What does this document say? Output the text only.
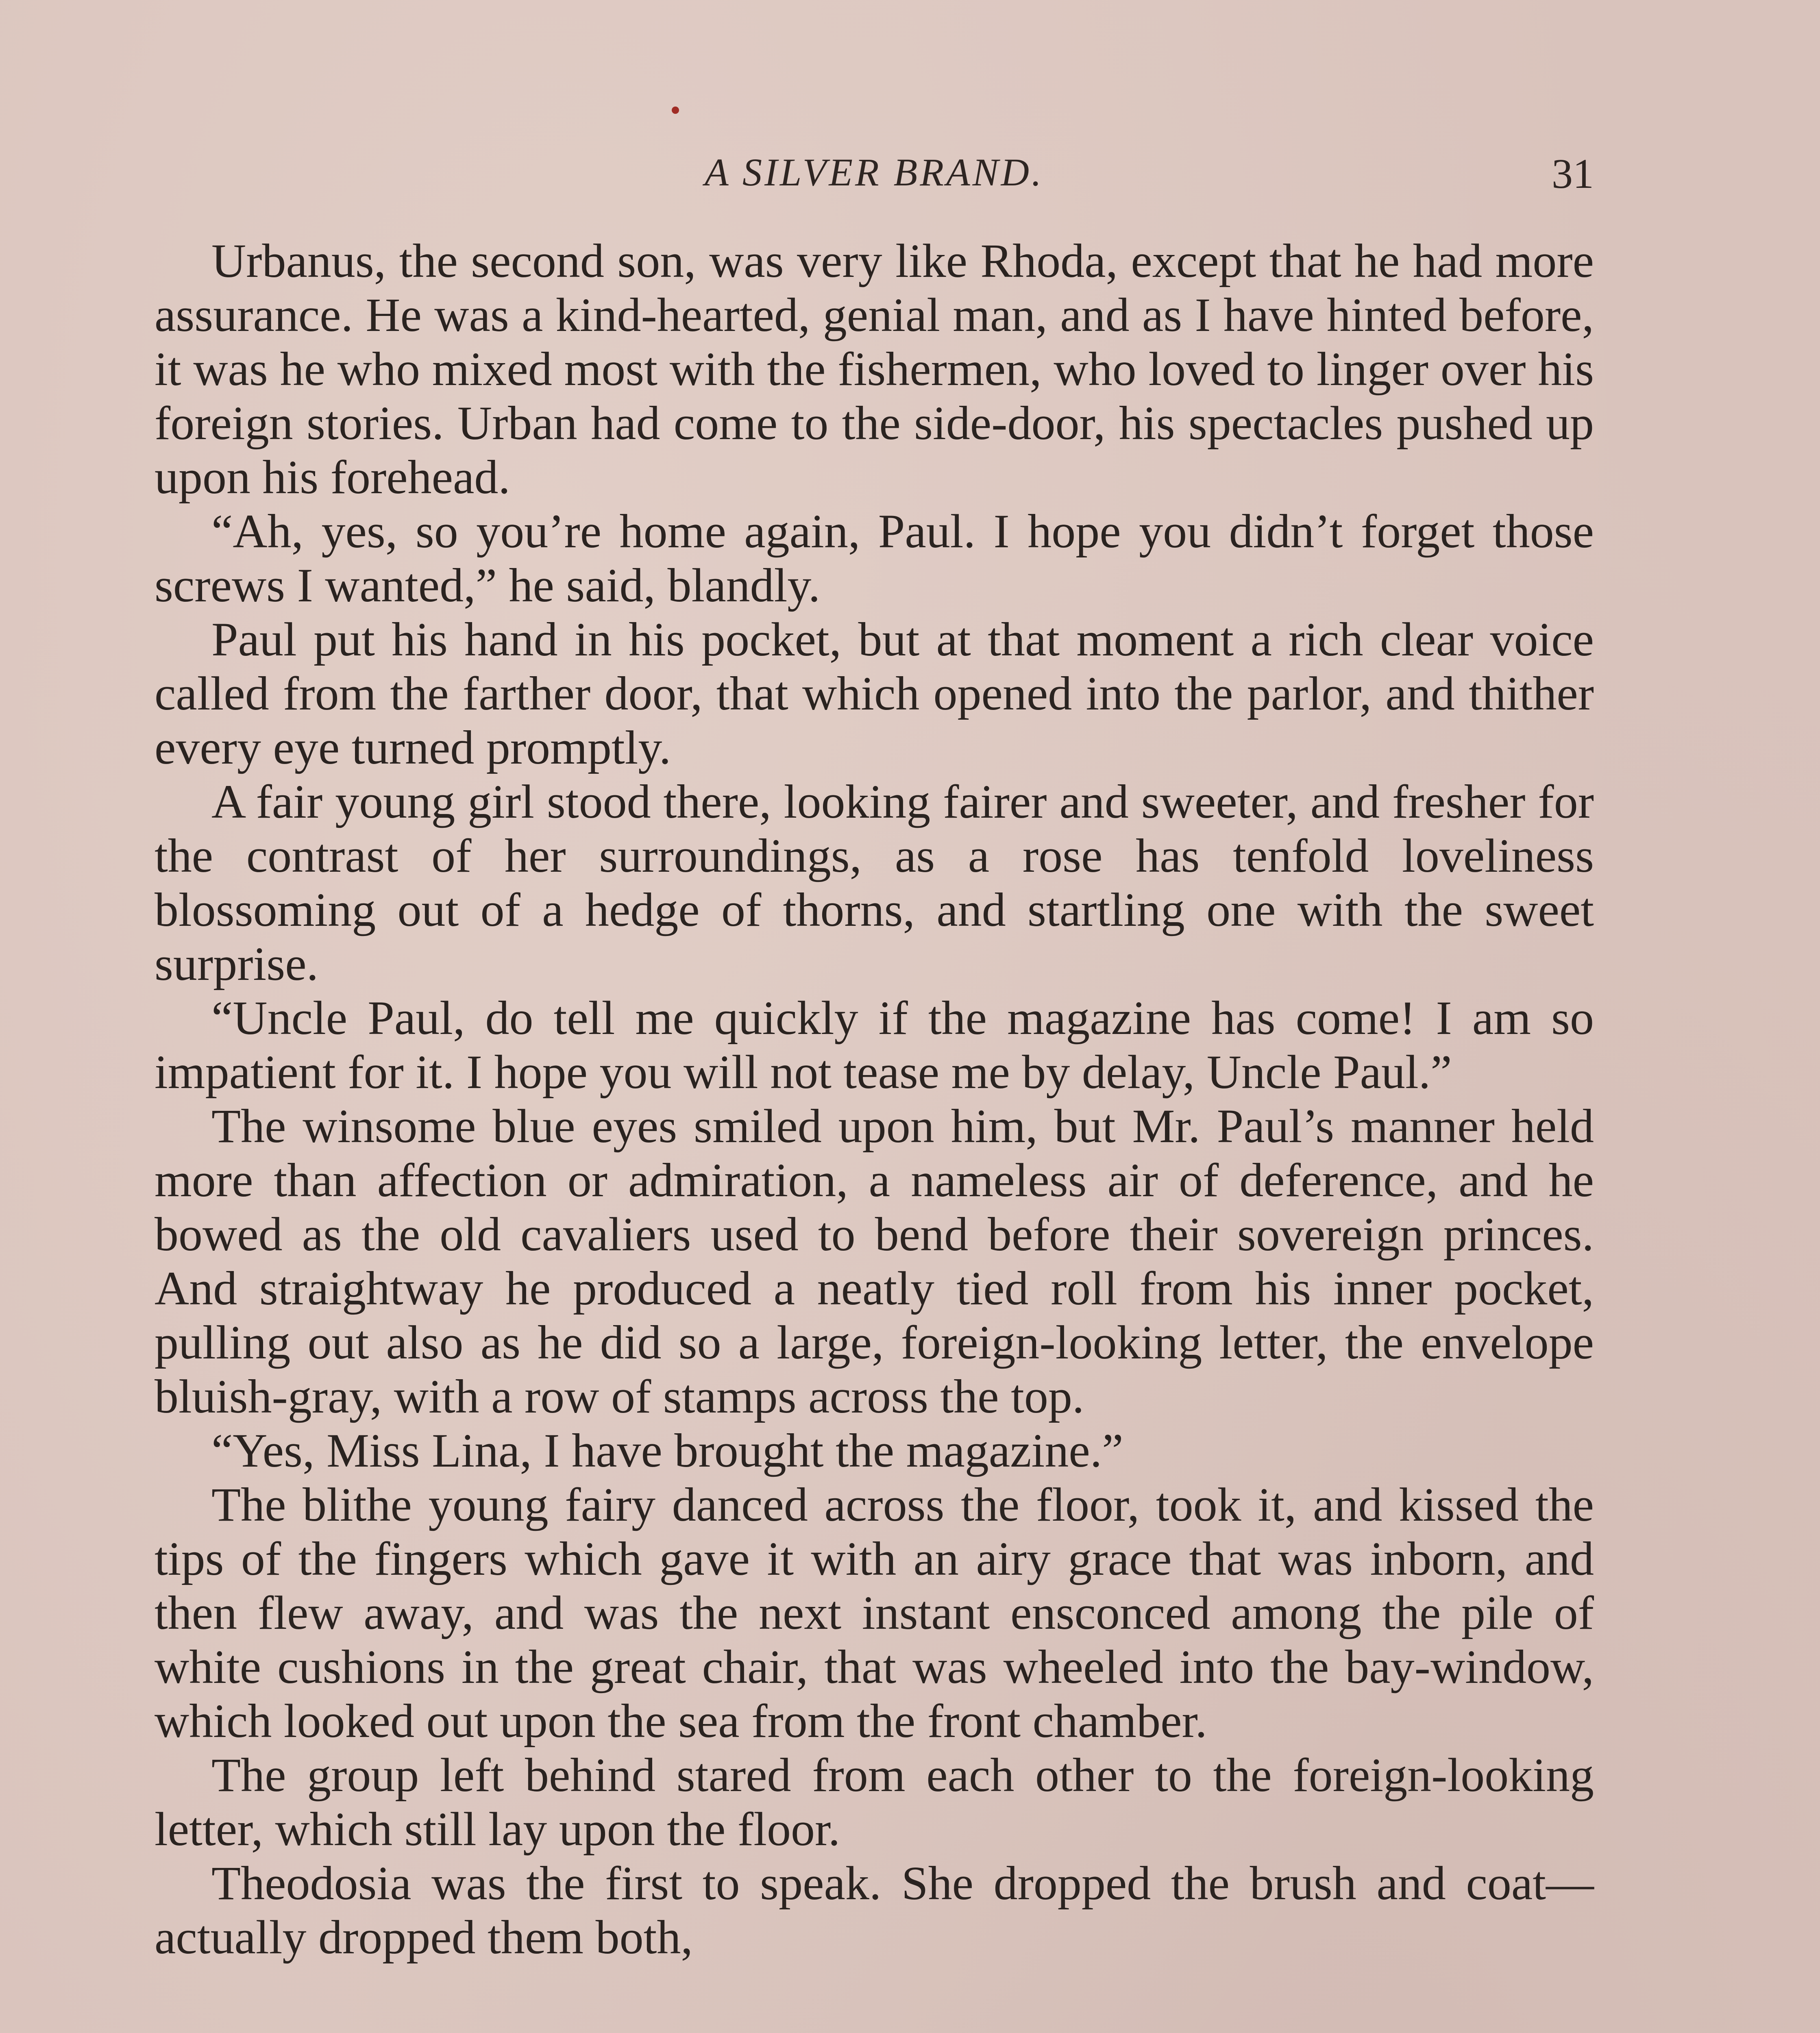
A SILVER BRAND.	31

Urbanus, the second son, was very like Rhoda, except that he had more assurance. He was a kind-hearted, genial man, and as I have hinted before, it was he who mixed most with the fishermen, who loved to linger over his foreign stories. Urban had come to the side-door, his spectacles pushed up upon his forehead.

“Ah, yes, so you’re home again, Paul. I hope you didn’t forget those screws I wanted,” he said, blandly.

Paul put his hand in his pocket, but at that moment a rich clear voice called from the farther door, that which opened into the parlor, and thither every eye turned promptly.

A fair young girl stood there, looking fairer and sweeter, and fresher for the contrast of her surroundings, as a rose has tenfold loveliness blossoming out of a hedge of thorns, and startling one with the sweet surprise.

“Uncle Paul, do tell me quickly if the magazine has come! I am so impatient for it. I hope you will not tease me by delay, Uncle Paul.”

The winsome blue eyes smiled upon him, but Mr. Paul’s manner held more than affection or admiration, a nameless air of deference, and he bowed as the old cavaliers used to bend before their sovereign princes. And straightway he produced a neatly tied roll from his inner pocket, pulling out also as he did so a large, foreign-looking letter, the envelope bluish-gray, with a row of stamps across the top.

“Yes, Miss Lina, I have brought the magazine.”

The blithe young fairy danced across the floor, took it, and kissed the tips of the fingers which gave it with an airy grace that was inborn, and then flew away, and was the next instant ensconced among the pile of white cushions in the great chair, that was wheeled into the bay-window, which looked out upon the sea from the front chamber.

The group left behind stared from each other to the foreign-looking letter, which still lay upon the floor.

Theodosia was the first to speak. She dropped the brush and coat—actually dropped them both,
